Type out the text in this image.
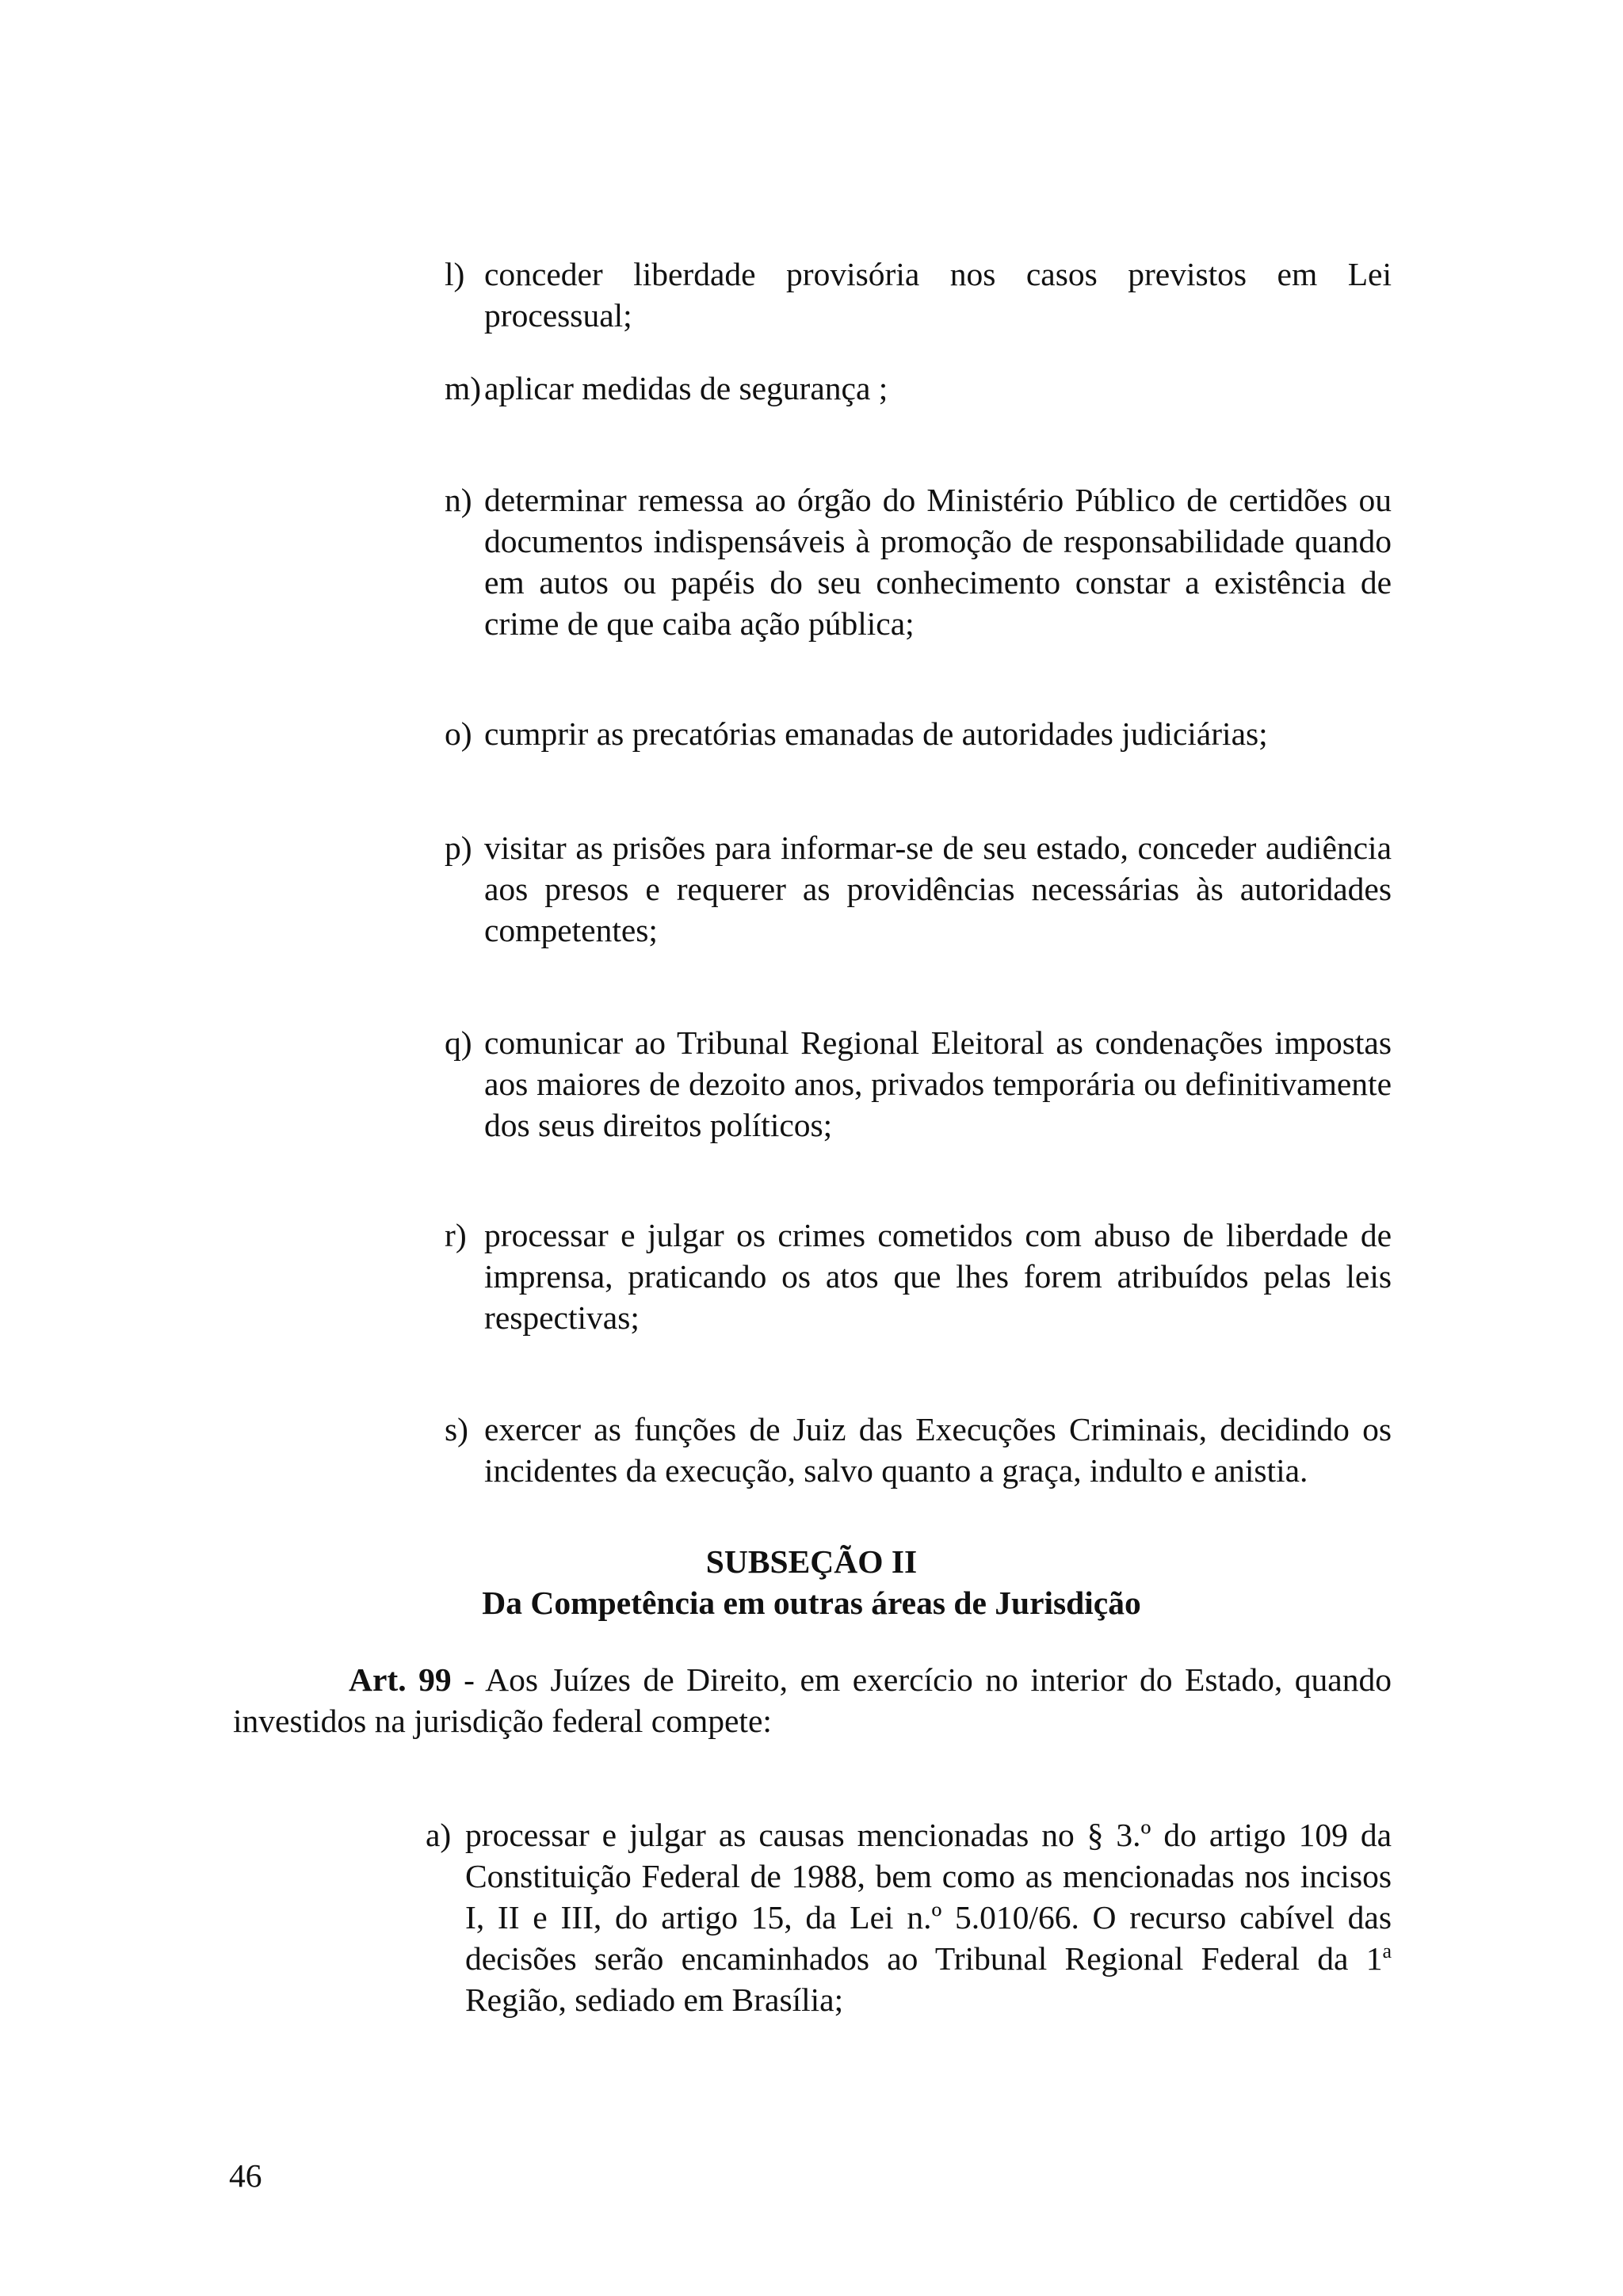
l) conceder liberdade provisória nos casos previstos em Lei processual;
m) aplicar medidas de segurança ;
n) determinar remessa ao órgão do Ministério Público de certidões ou documentos indispensáveis à promoção de responsabilidade quando em autos ou papéis do seu conhecimento constar a existência de crime de que caiba ação pública;
o) cumprir as precatórias emanadas de autoridades judiciárias;
p) visitar as prisões para informar-se de seu estado, conceder audiência aos presos e requerer as providências necessárias às autoridades competentes;
q) comunicar ao Tribunal Regional Eleitoral as condenações impostas aos maiores de dezoito anos, privados temporária ou definitivamente dos seus direitos políticos;
r) processar e julgar os crimes cometidos com abuso de liberdade de imprensa, praticando os atos que lhes forem atribuídos pelas leis respectivas;
s) exercer as funções de Juiz das Execuções Criminais, decidindo os incidentes da execução, salvo quanto a graça, indulto e anistia.
SUBSEÇÃO II
Da Competência em outras áreas de Jurisdição

Art. 99 - Aos Juízes de Direito, em exercício no interior do Estado, quando investidos na jurisdição federal compete:

a) processar e julgar as causas mencionadas no § 3.º do artigo 109 da Constituição Federal de 1988, bem como as mencionadas nos incisos I, II e III, do artigo 15, da Lei n.º 5.010/66. O recurso cabível das decisões serão encaminhados ao Tribunal Regional Federal da 1$^a$ Região, sediado em Brasília;
46
